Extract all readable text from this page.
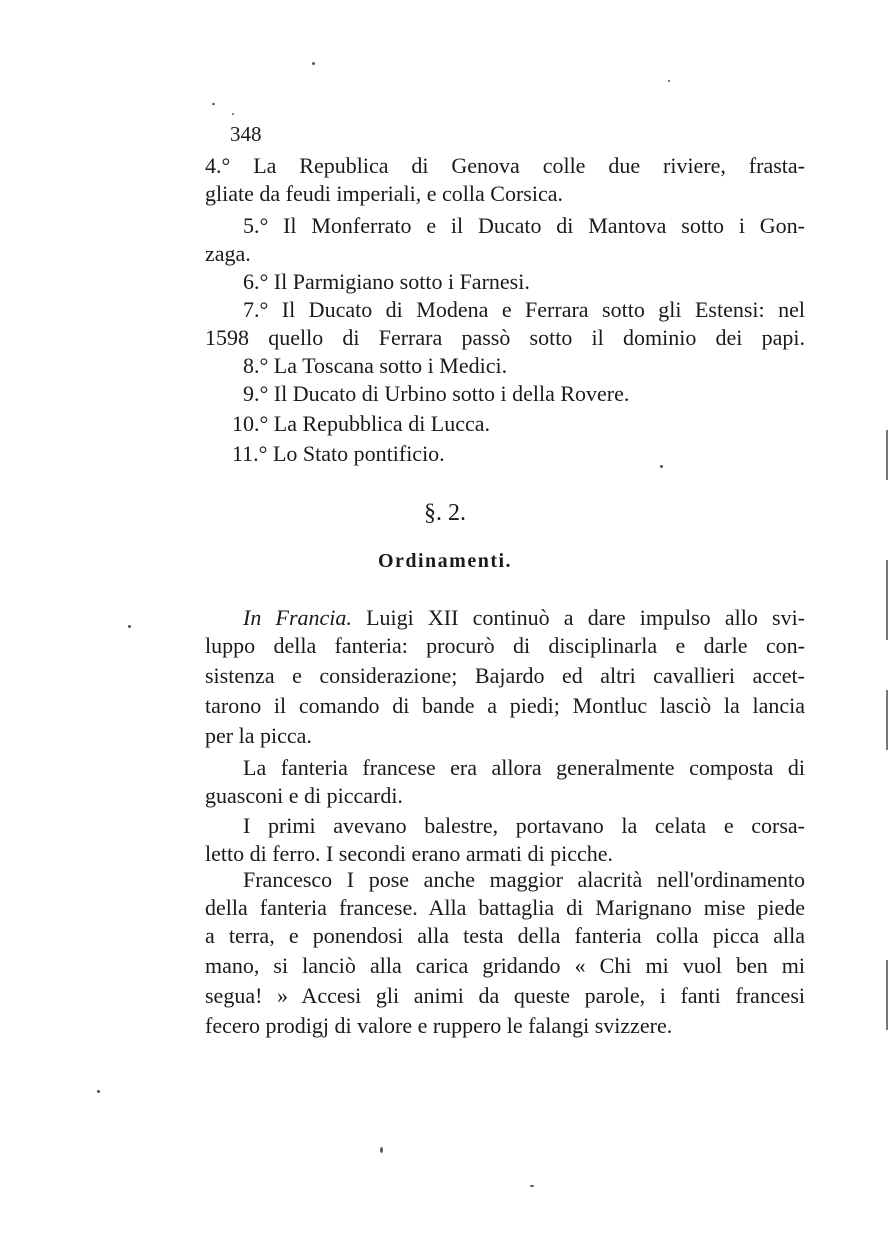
348
4.° La Republica di Genova colle due riviere, frasta-
gliate da feudi imperiali, e colla Corsica.
5.° Il Monferrato e il Ducato di Mantova sotto i Gon-
zaga.
6.° Il Parmigiano sotto i Farnesi.
7.° Il Ducato di Modena e Ferrara sotto gli Estensi: nel
1598 quello di Ferrara passò sotto il dominio dei papi.
8.° La Toscana sotto i Medici.
9.° Il Ducato di Urbino sotto i della Rovere.
10.° La Repubblica di Lucca.
11.° Lo Stato pontificio.
§. 2.
Ordinamenti.
In Francia. Luigi XII continuò a dare impulso allo svi-
luppo della fanteria: procurò di disciplinarla e darle con-
sistenza e considerazione; Bajardo ed altri cavallieri accet-
tarono il comando di bande a piedi; Montluc lasciò la lancia
per la picca.
La fanteria francese era allora generalmente composta di
guasconi e di piccardi.
I primi avevano balestre, portavano la celata e corsa-
letto di ferro. I secondi erano armati di picche.
Francesco I pose anche maggior alacrità nell'ordinamento
della fanteria francese. Alla battaglia di Marignano mise piede
a terra, e ponendosi alla testa della fanteria colla picca alla
mano, si lanciò alla carica gridando « Chi mi vuol ben mi
segua! » Accesi gli animi da queste parole, i fanti francesi
fecero prodigj di valore e ruppero le falangi svizzere.
